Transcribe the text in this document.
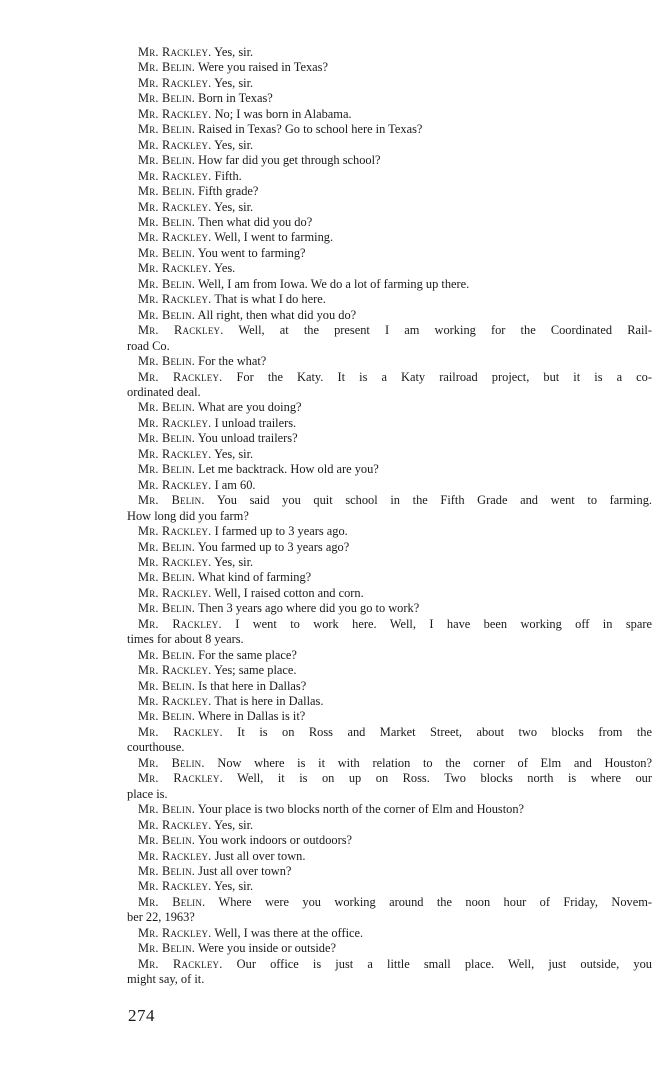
Mr. Rackley. Yes, sir.
Mr. Belin. Were you raised in Texas?
Mr. Rackley. Yes, sir.
Mr. Belin. Born in Texas?
Mr. Rackley. No; I was born in Alabama.
Mr. Belin. Raised in Texas? Go to school here in Texas?
Mr. Rackley. Yes, sir.
Mr. Belin. How far did you get through school?
Mr. Rackley. Fifth.
Mr. Belin. Fifth grade?
Mr. Rackley. Yes, sir.
Mr. Belin. Then what did you do?
Mr. Rackley. Well, I went to farming.
Mr. Belin. You went to farming?
Mr. Rackley. Yes.
Mr. Belin. Well, I am from Iowa. We do a lot of farming up there.
Mr. Rackley. That is what I do here.
Mr. Belin. All right, then what did you do?
Mr. Rackley. Well, at the present I am working for the Coordinated Rail-
road Co.
Mr. Belin. For the what?
Mr. Rackley. For the Katy. It is a Katy railroad project, but it is a co-
ordinated deal.
Mr. Belin. What are you doing?
Mr. Rackley. I unload trailers.
Mr. Belin. You unload trailers?
Mr. Rackley. Yes, sir.
Mr. Belin. Let me backtrack. How old are you?
Mr. Rackley. I am 60.
Mr. Belin. You said you quit school in the Fifth Grade and went to farming.
How long did you farm?
Mr. Rackley. I farmed up to 3 years ago.
Mr. Belin. You farmed up to 3 years ago?
Mr. Rackley. Yes, sir.
Mr. Belin. What kind of farming?
Mr. Rackley. Well, I raised cotton and corn.
Mr. Belin. Then 3 years ago where did you go to work?
Mr. Rackley. I went to work here. Well, I have been working off in spare
times for about 8 years.
Mr. Belin. For the same place?
Mr. Rackley. Yes; same place.
Mr. Belin. Is that here in Dallas?
Mr. Rackley. That is here in Dallas.
Mr. Belin. Where in Dallas is it?
Mr. Rackley. It is on Ross and Market Street, about two blocks from the
courthouse.
Mr. Belin. Now where is it with relation to the corner of Elm and Houston?
Mr. Rackley. Well, it is on up on Ross. Two blocks north is where our
place is.
Mr. Belin. Your place is two blocks north of the corner of Elm and Houston?
Mr. Rackley. Yes, sir.
Mr. Belin. You work indoors or outdoors?
Mr. Rackley. Just all over town.
Mr. Belin. Just all over town?
Mr. Rackley. Yes, sir.
Mr. Belin. Where were you working around the noon hour of Friday, Novem-
ber 22, 1963?
Mr. Rackley. Well, I was there at the office.
Mr. Belin. Were you inside or outside?
Mr. Rackley. Our office is just a little small place. Well, just outside, you
might say, of it.
274
